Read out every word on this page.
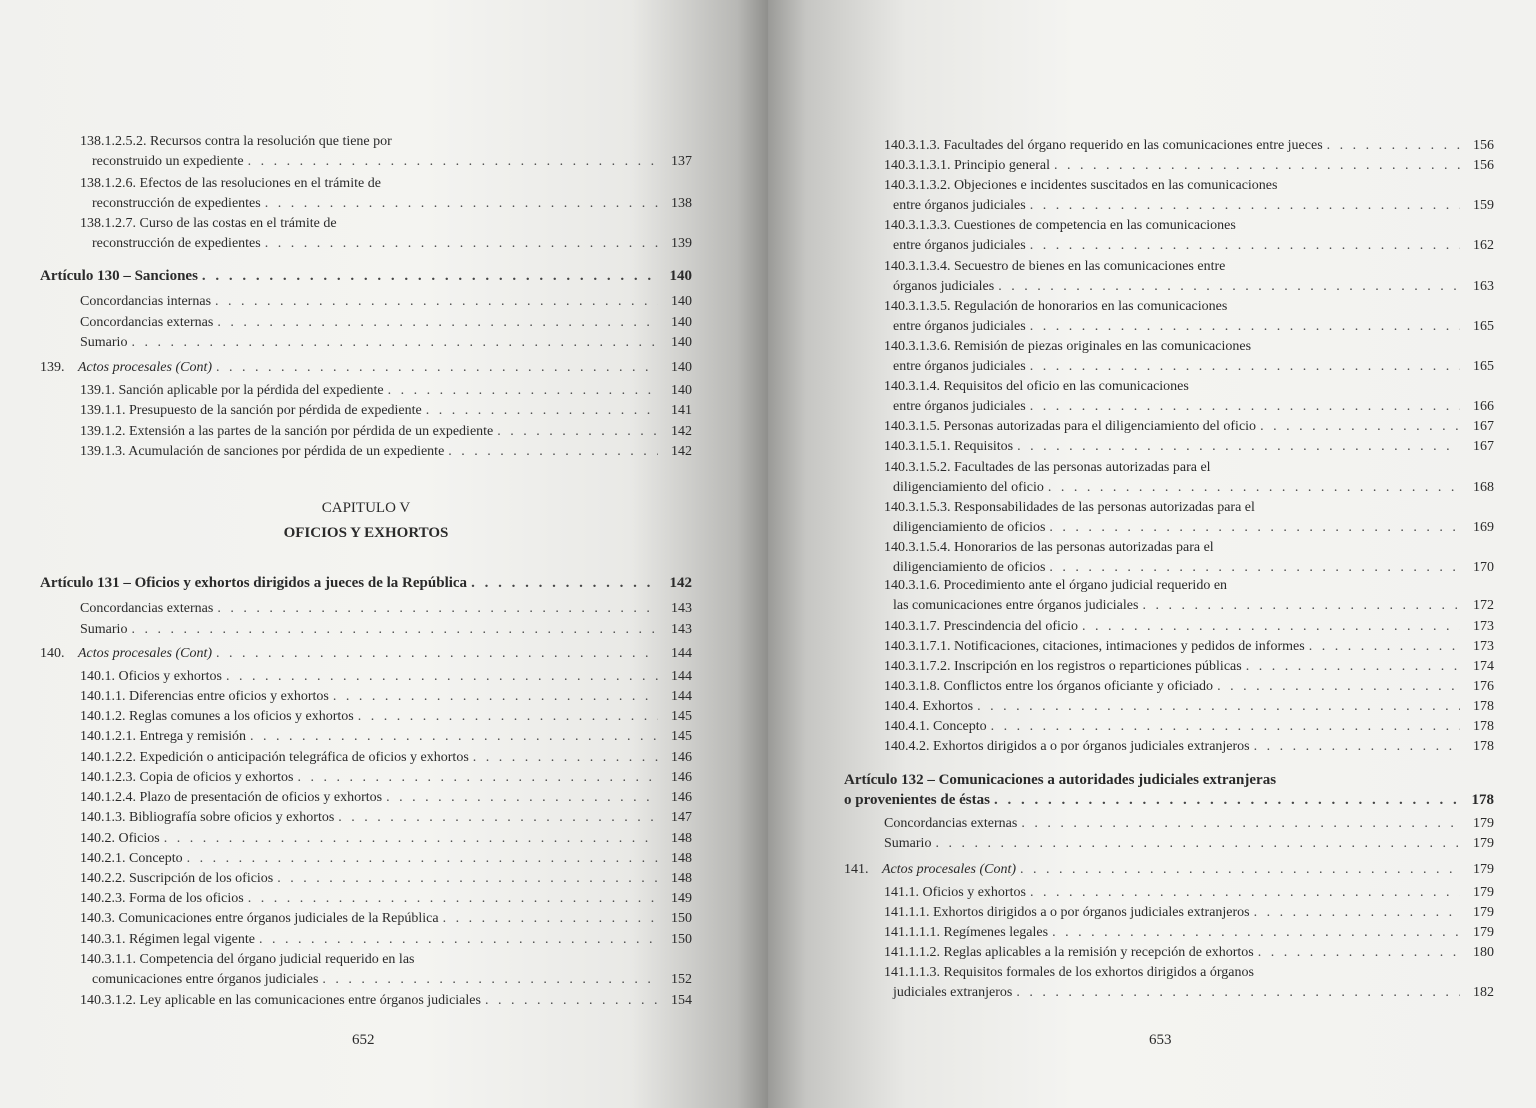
138.1.2.5.2. Recursos contra la resolución que tiene por
reconstruido un expediente . . .	137
138.1.2.6. Efectos de las resoluciones en el trámite de
reconstrucción de expedientes . . .	138
138.1.2.7. Curso de las costas en el trámite de
reconstrucción de expedientes . . .	139
Artículo 130 – Sanciones . . .	140
Concordancias internas . . .	140
Concordancias externas . . .	140
Sumario . . .	140
139. Actos procesales (Cont) . . .	140
139.1. Sanción aplicable por la pérdida del expediente . . .	140
139.1.1. Presupuesto de la sanción por pérdida de expediente . . .	141
139.1.2. Extensión a las partes de la sanción por pérdida de un expediente . . .	142
139.1.3. Acumulación de sanciones por pérdida de un expediente . . .	142
Artículo 131 – Oficios y exhortos dirigidos a jueces de la República . . .	142
Concordancias externas . . .	143
Sumario . . .	143
140. Actos procesales (Cont) . . .	144
140.1. Oficios y exhortos . . .	144
140.1.1. Diferencias entre oficios y exhortos . . .	144
140.1.2. Reglas comunes a los oficios y exhortos . . .	145
140.1.2.1. Entrega y remisión . . .	145
140.1.2.2. Expedición o anticipación telegráfica de oficios y exhortos . . .	146
140.1.2.3. Copia de oficios y exhortos . . .	146
140.1.2.4. Plazo de presentación de oficios y exhortos . . .	146
140.1.3. Bibliografía sobre oficios y exhortos . . .	147
140.2. Oficios . . .	148
140.2.1. Concepto . . .	148
140.2.2. Suscripción de los oficios . . .	148
140.2.3. Forma de los oficios . . .	149
140.3. Comunicaciones entre órganos judiciales de la República . . .	150
140.3.1. Régimen legal vigente . . .	150
140.3.1.1. Competencia del órgano judicial requerido en las
comunicaciones entre órganos judiciales . . .	152
140.3.1.2. Ley aplicable en las comunicaciones entre órganos judiciales . . .	154
CAPITULO V
OFICIOS Y EXHORTOS
652
140.3.1.3. Facultades del órgano requerido en las comunicaciones entre jueces . . .	156
140.3.1.3.1. Principio general . . .	156
140.3.1.3.2. Objeciones e incidentes suscitados en las comunicaciones
entre órganos judiciales . . .	159
140.3.1.3.3. Cuestiones de competencia en las comunicaciones
entre órganos judiciales . . .	162
140.3.1.3.4. Secuestro de bienes en las comunicaciones entre
órganos judiciales . . .	163
140.3.1.3.5. Regulación de honorarios en las comunicaciones
entre órganos judiciales . . .	165
140.3.1.3.6. Remisión de piezas originales en las comunicaciones
entre órganos judiciales . . .	165
140.3.1.4. Requisitos del oficio en las comunicaciones
entre órganos judiciales . . .	166
140.3.1.5. Personas autorizadas para el diligenciamiento del oficio . . .	167
140.3.1.5.1. Requisitos . . .	167
140.3.1.5.2. Facultades de las personas autorizadas para el
diligenciamiento del oficio . . .	168
140.3.1.5.3. Responsabilidades de las personas autorizadas para el
diligenciamiento de oficios . . .	169
140.3.1.5.4. Honorarios de las personas autorizadas para el
diligenciamiento de oficios . . .	170
140.3.1.6. Procedimiento ante el órgano judicial requerido en
las comunicaciones entre órganos judiciales . . .	172
140.3.1.7. Prescindencia del oficio . . .	173
140.3.1.7.1. Notificaciones, citaciones, intimaciones y pedidos de informes . . .	173
140.3.1.7.2. Inscripción en los registros o reparticiones públicas . . .	174
140.3.1.8. Conflictos entre los órganos oficiante y oficiado . . .	176
140.4. Exhortos . . .	178
140.4.1. Concepto . . .	178
140.4.2. Exhortos dirigidos a o por órganos judiciales extranjeros . . .	178
Artículo 132 – Comunicaciones a autoridades judiciales extranjeras
o provenientes de éstas . . .	178
Concordancias externas . . .	179
Sumario . . .	179
141. Actos procesales (Cont) . . .	179
141.1. Oficios y exhortos . . .	179
141.1.1. Exhortos dirigidos a o por órganos judiciales extranjeros . . .	179
141.1.1.1. Regímenes legales . . .	179
141.1.1.2. Reglas aplicables a la remisión y recepción de exhortos . . .	180
141.1.1.3. Requisitos formales de los exhortos dirigidos a órganos
judiciales extranjeros . . .	182
653
